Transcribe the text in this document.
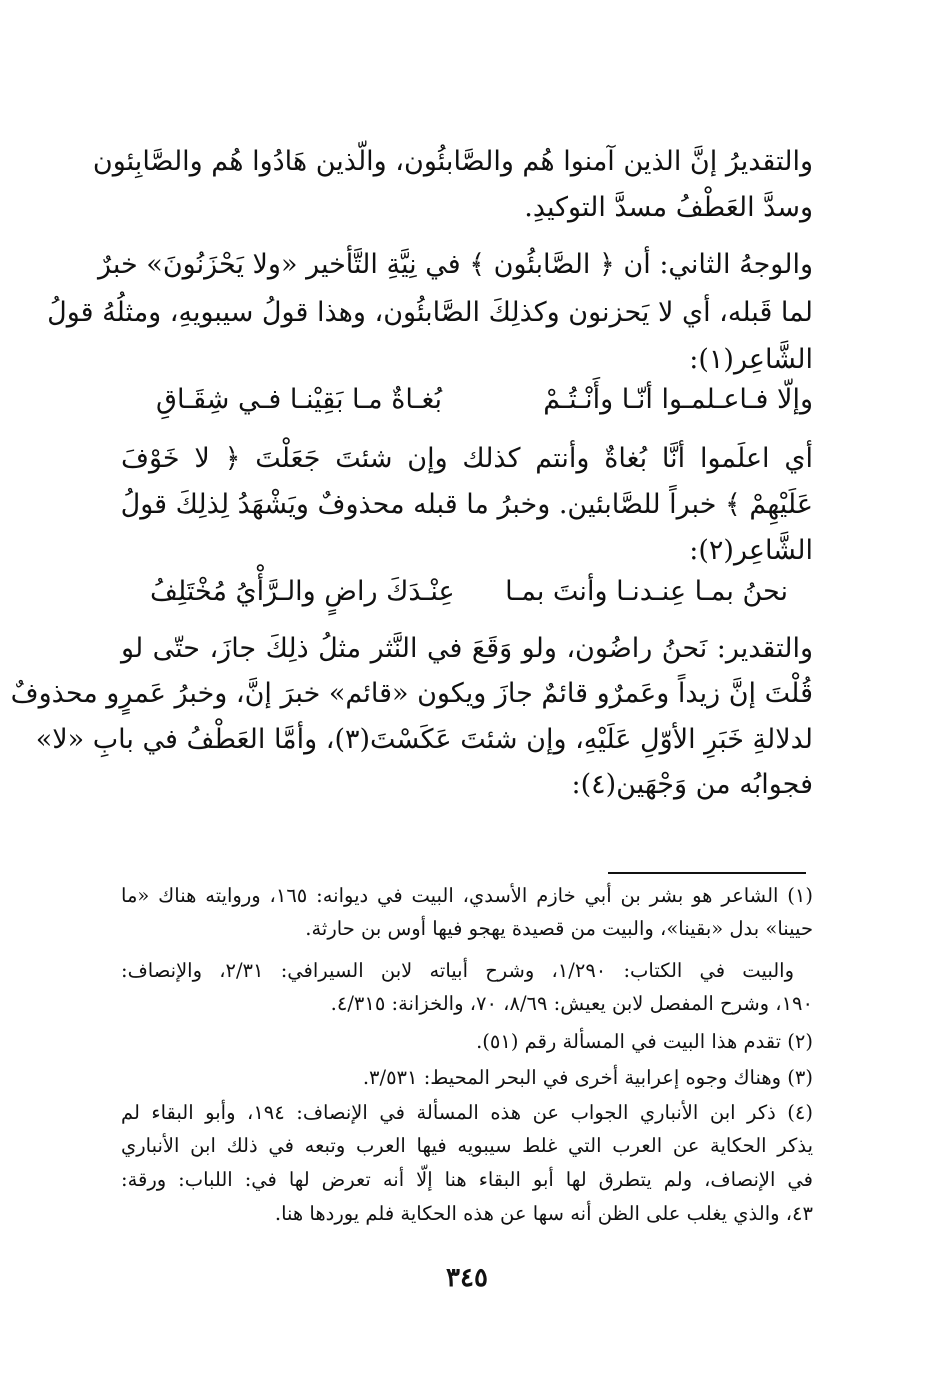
والتقديرُ إنَّ الذين آمنوا هُم والصَّابئُون، والّذين هَادُوا هُم والصَّابِئون
وسدَّ العَطْفُ مسدَّ التوكيدِ.
والوجهُ الثاني: أن ﴿ الصَّابئُون ﴾ في نِيَّةِ التَّأخير «ولا يَحْزَنُونَ» خبرٌ
لما قَبله، أي لا يَحزنون وكذلِكَ الصَّابئُون، وهذا قولُ سيبويهِ، ومثلُهُ قولُ
الشَّاعِر(١):
وإلّا فـاعـلمـوا أنّـا وأَنْـتُـمْ
بُغـاةٌ مـا بَقِيْنـا فـي شِقَـاقِ
أي اعلَموا أنَّا بُغاةٌ وأنتم كذلك وإن شئتَ جَعَلْتَ ﴿ لا خَوْفَ
عَلَيْهِمْ ﴾ خبراً للصَّابئين. وخبرُ ما قبله محذوفٌ ويَشْهَدُ لِذلِكَ قولُ
الشَّاعِر(٢):
نحنُ بمـا عِنـدنـا وأنتَ بمـا
عِنْـدَكَ راضٍ والـرَّأْيُ مُخْتَلِفُ
والتقدير: نَحنُ راضُون، ولو وَقَعَ في النَّثر مثلُ ذلِكَ جازَ، حتّى لو
قُلْتَ إنَّ زيداً وعَمرٌو قائمٌ جازَ ويكون «قائم» خبرَ إنَّ، وخبرُ عَمرٍو محذوفٌ
لدلالةِ خَبَرِ الأوّلِ عَلَيْهِ، وإن شئتَ عَكَسْتَ(٣)، وأمَّا العَطْفُ في بابِ «لا»
فجوابُه من وَجْهَين(٤):
(١) الشاعر هو بشر بن أبي خازم الأسدي، البيت في ديوانه: ١٦٥، وروايته هناك «ما
حيينا» بدل «بقينا»، والبيت من قصيدة يهجو فيها أوس بن حارثة.
والبيت في الكتاب: ١/٢٩٠، وشرح أبياته لابن السيرافي: ٢/٣١، والإنصاف:
١٩٠، وشرح المفصل لابن يعيش: ٨/٦٩، ٧٠، والخزانة: ٤/٣١٥.
(٢) تقدم هذا البيت في المسألة رقم (٥١).
(٣) وهناك وجوه إعرابية أخرى في البحر المحيط: ٣/٥٣١.
(٤) ذكر ابن الأنباري الجواب عن هذه المسألة في الإنصاف: ١٩٤، وأبو البقاء لم
يذكر الحكاية عن العرب التي غلط سيبويه فيها العرب وتبعه في ذلك ابن الأنباري
في الإنصاف، ولم يتطرق لها أبو البقاء هنا إلّا أنه تعرض لها في: اللباب: ورقة:
٤٣، والذي يغلب على الظن أنه سها عن هذه الحكاية فلم يوردها هنا.
٣٤٥
